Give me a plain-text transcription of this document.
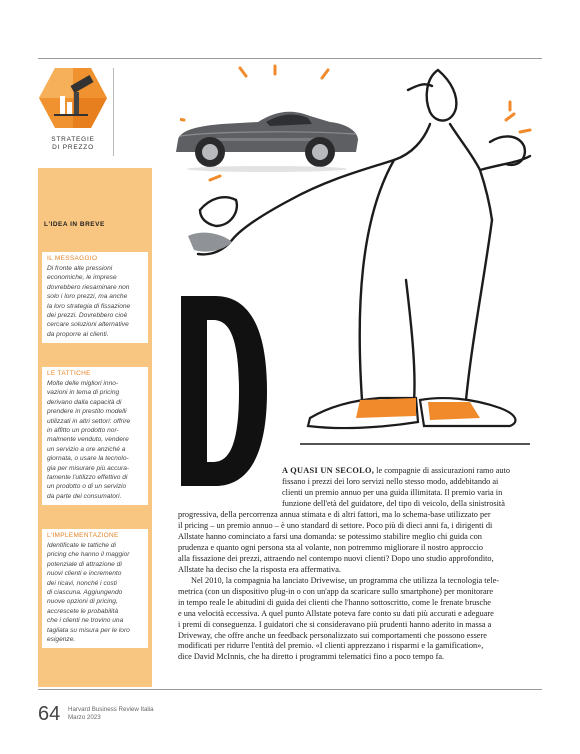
STRATEGIE
DI PREZZO
L'IDEA IN BREVE
IL MESSAGGIO
Di fronte alle pressioni
economiche, le imprese
dovrebbero riesaminare non
solo i loro prezzi, ma anche
la loro strategia di fissazione
dei prezzi. Dovrebbero cioè
cercare soluzioni alternative
da proporre ai clienti.
LE TATTICHE
Molte delle migliori inno-
vazioni in tema di pricing
derivano dalla capacità di
prendere in prestito modelli
utilizzati in altri settori: offrire
in affitto un prodotto nor-
malmente venduto, vendere
un servizio a ore anziché a
giornata, o usare la tecnolo-
gia per misurare più accura-
tamente l'utilizzo effettivo di
un prodotto o di un servizio
da parte dei consumatori.
L'IMPLEMENTAZIONE
Identificate le tattiche di
pricing che hanno il maggior
potenziale di attrazione di
nuovi clienti e incremento
dei ricavi, nonché i costi
di ciascuna. Aggiungendo
nuove opzioni di pricing,
accrescete le probabilità
che i clienti ne trovino una
tagliata su misura per le loro
esigenze.
A QUASI UN SECOLO, le compagnie di assicurazioni ramo auto
fissano i prezzi dei loro servizi nello stesso modo, addebitando ai
clienti un premio annuo per una guida illimitata. Il premio varia in
funzione dell'età del guidatore, del tipo di veicolo, della sinistrosità
progressiva, della percorrenza annua stimata e di altri fattori, ma lo schema-base utilizzato per
il pricing – un premio annuo – è uno standard di settore. Poco più di dieci anni fa, i dirigenti di
Allstate hanno cominciato a farsi una domanda: se potessimo stabilire meglio chi guida con
prudenza e quanto ogni persona sta al volante, non potremmo migliorare il nostro approccio
alla fissazione dei prezzi, attraendo nel contempo nuovi clienti? Dopo uno studio approfondito,
Allstate ha deciso che la risposta era affermativa.
Nel 2010, la compagnia ha lanciato Drivewise, un programma che utilizza la tecnologia tele-
metrica (con un dispositivo plug-in o con un'app da scaricare sullo smartphone) per monitorare
in tempo reale le abitudini di guida dei clienti che l'hanno sottoscritto, come le frenate brusche
e una velocità eccessiva. A quel punto Allstate poteva fare conto su dati più accurati e adeguare
i premi di conseguenza. I guidatori che si consideravano più prudenti hanno aderito in massa a
Driveway, che offre anche un feedback personalizzato sui comportamenti che possono essere
modificati per ridurre l'entità del premio. «I clienti apprezzano i risparmi e la gamification»,
dice David McInnis, che ha diretto i programmi telematici fino a poco tempo fa.
64 Harvard Business Review Italia
Marzo 2023
